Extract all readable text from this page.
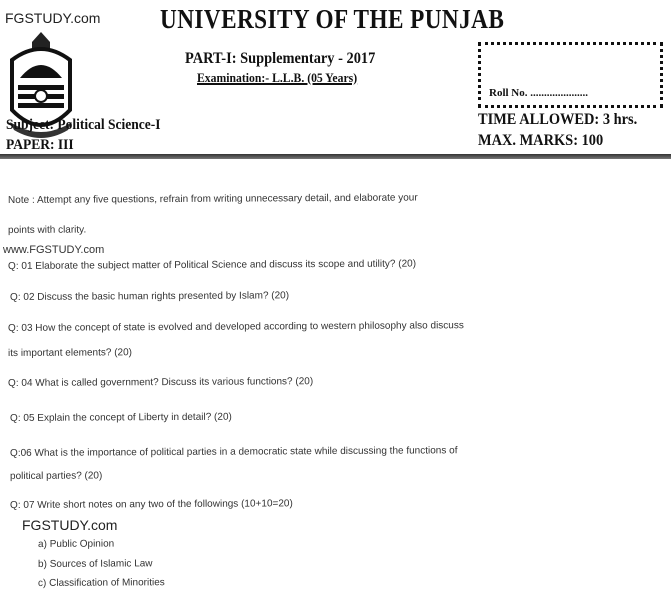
FGSTUDY.com UNIVERSITY OF THE PUNJAB
PART-I: Supplementary - 2017
Examination:- L.L.B. (05 Years)
Roll No. .....................
Subject: Political Science-I
PAPER: III
TIME ALLOWED: 3 hrs.
MAX. MARKS: 100
Note : Attempt any five questions, refrain from writing unnecessary detail, and elaborate your
points with clarity.
www.FGSTUDY.com
Q: 01 Elaborate the subject matter of Political Science and discuss its scope and utility? (20)
Q: 02 Discuss the basic human rights presented by Islam? (20)
Q: 03 How the concept of state is evolved and developed according to western philosophy also discuss
its important elements? (20)
Q: 04 What is called government? Discuss its various functions? (20)
Q: 05 Explain the concept of Liberty in detail? (20)
Q:06 What is the importance of political parties in a democratic state while discussing the functions of
political parties? (20)
Q: 07 Write short notes on any two of the followings (10+10=20)
FGSTUDY.com
a) Public Opinion
b) Sources of Islamic Law
c) Classification of Minorities
